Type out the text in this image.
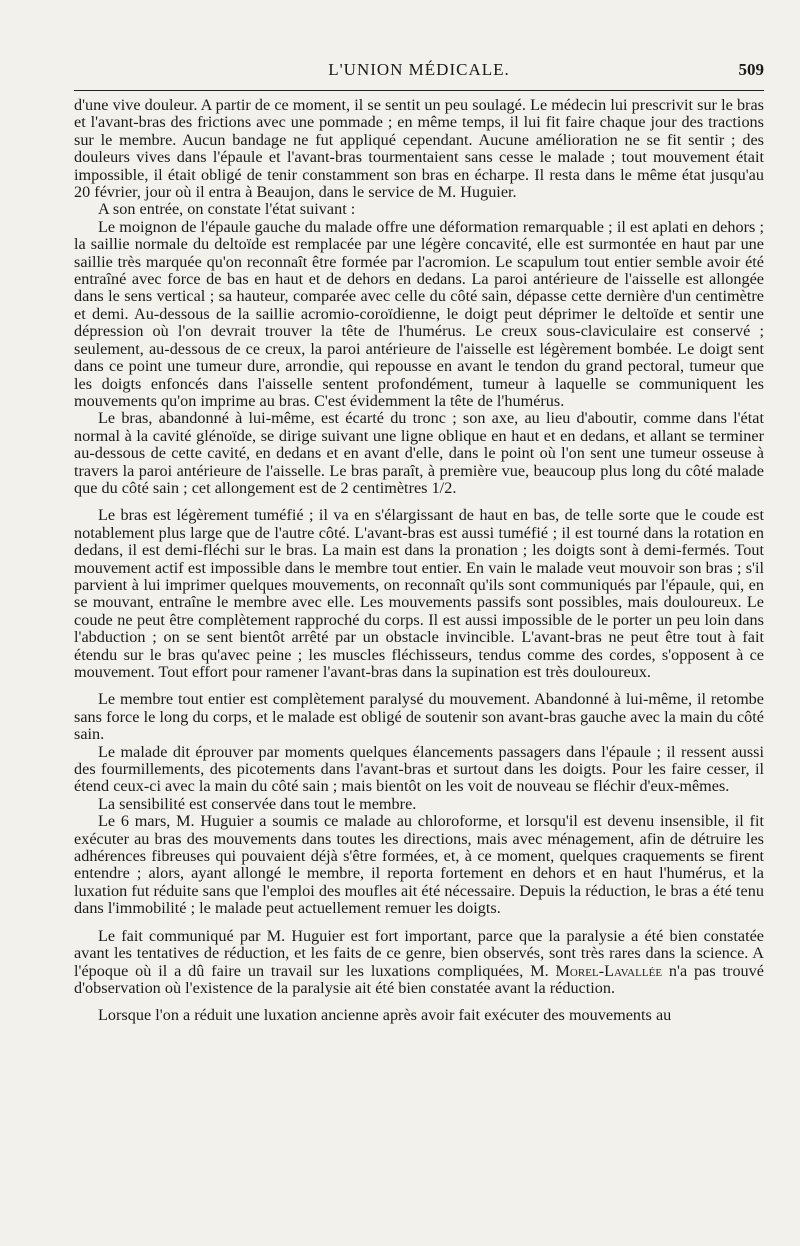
L'UNION MÉDICALE.	509

d'une vive douleur. A partir de ce moment, il se sentit un peu soulagé. Le médecin lui prescrivit sur le bras et l'avant-bras des frictions avec une pommade ; en même temps, il lui fit faire chaque jour des tractions sur le membre. Aucun bandage ne fut appliqué cependant. Aucune amélioration ne se fit sentir ; des douleurs vives dans l'épaule et l'avant-bras tourmentaient sans cesse le malade ; tout mouvement était impossible, il était obligé de tenir constamment son bras en écharpe. Il resta dans le même état jusqu'au 20 février, jour où il entra à Beaujon, dans le service de M. Huguier.

A son entrée, on constate l'état suivant :

Le moignon de l'épaule gauche du malade offre une déformation remarquable ; il est aplati en dehors ; la saillie normale du deltoïde est remplacée par une légère concavité, elle est surmontée en haut par une saillie très marquée qu'on reconnaît être formée par l'acromion. Le scapulum tout entier semble avoir été entraîné avec force de bas en haut et de dehors en dedans. La paroi antérieure de l'aisselle est allongée dans le sens vertical ; sa hauteur, comparée avec celle du côté sain, dépasse cette dernière d'un centimètre et demi. Au-dessous de la saillie acromio-coroïdienne, le doigt peut déprimer le deltoïde et sentir une dépression où l'on devrait trouver la tête de l'humérus. Le creux sous-claviculaire est conservé ; seulement, au-dessous de ce creux, la paroi antérieure de l'aisselle est légèrement bombée. Le doigt sent dans ce point une tumeur dure, arrondie, qui repousse en avant le tendon du grand pectoral, tumeur que les doigts enfoncés dans l'aisselle sentent profondément, tumeur à laquelle se communiquent les mouvements qu'on imprime au bras. C'est évidemment la tête de l'humérus.

Le bras, abandonné à lui-même, est écarté du tronc ; son axe, au lieu d'aboutir, comme dans l'état normal à la cavité glénoïde, se dirige suivant une ligne oblique en haut et en dedans, et allant se terminer au-dessous de cette cavité, en dedans et en avant d'elle, dans le point où l'on sent une tumeur osseuse à travers la paroi antérieure de l'aisselle. Le bras paraît, à première vue, beaucoup plus long du côté malade que du côté sain ; cet allongement est de 2 centimètres 1/2.

Le bras est légèrement tuméfié ; il va en s'élargissant de haut en bas, de telle sorte que le coude est notablement plus large que de l'autre côté. L'avant-bras est aussi tuméfié ; il est tourné dans la rotation en dedans, il est demi-fléchi sur le bras. La main est dans la pronation ; les doigts sont à demi-fermés. Tout mouvement actif est impossible dans le membre tout entier. En vain le malade veut mouvoir son bras ; s'il parvient à lui imprimer quelques mouvements, on reconnaît qu'ils sont communiqués par l'épaule, qui, en se mouvant, entraîne le membre avec elle. Les mouvements passifs sont possibles, mais douloureux. Le coude ne peut être complètement rapproché du corps. Il est aussi impossible de le porter un peu loin dans l'abduction ; on se sent bientôt arrêté par un obstacle invincible. L'avant-bras ne peut être tout à fait étendu sur le bras qu'avec peine ; les muscles fléchisseurs, tendus comme des cordes, s'opposent à ce mouvement. Tout effort pour ramener l'avant-bras dans la supination est très douloureux.

Le membre tout entier est complètement paralysé du mouvement. Abandonné à lui-même, il retombe sans force le long du corps, et le malade est obligé de soutenir son avant-bras gauche avec la main du côté sain.

Le malade dit éprouver par moments quelques élancements passagers dans l'épaule ; il ressent aussi des fourmillements, des picotements dans l'avant-bras et surtout dans les doigts. Pour les faire cesser, il étend ceux-ci avec la main du côté sain ; mais bientôt on les voit de nouveau se fléchir d'eux-mêmes.

La sensibilité est conservée dans tout le membre.

Le 6 mars, M. Huguier a soumis ce malade au chloroforme, et lorsqu'il est devenu insensible, il fit exécuter au bras des mouvements dans toutes les directions, mais avec ménagement, afin de détruire les adhérences fibreuses qui pouvaient déjà s'être formées, et, à ce moment, quelques craquements se firent entendre ; alors, ayant allongé le membre, il reporta fortement en dehors et en haut l'humérus, et la luxation fut réduite sans que l'emploi des moufles ait été nécessaire. Depuis la réduction, le bras a été tenu dans l'immobilité ; le malade peut actuellement remuer les doigts.

Le fait communiqué par M. Huguier est fort important, parce que la paralysie a été bien constatée avant les tentatives de réduction, et les faits de ce genre, bien observés, sont très rares dans la science. A l'époque où il a dû faire un travail sur les luxations compliquées, M. Morel-Lavallée n'a pas trouvé d'observation où l'existence de la paralysie ait été bien constatée avant la réduction.

Lorsque l'on a réduit une luxation ancienne après avoir fait exécuter des mouvements au
